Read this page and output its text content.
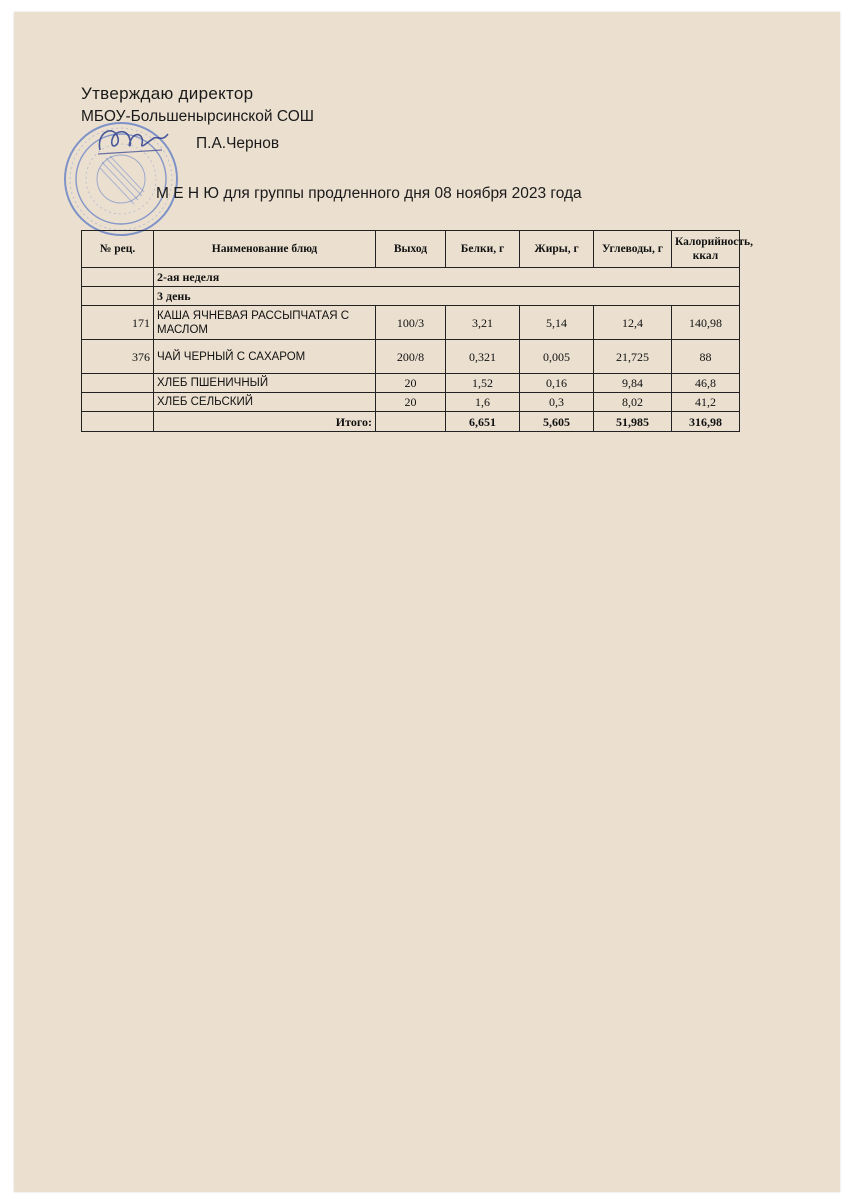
Утверждаю директор
МБОУ-Большенырсинской СОШ
П.А.Чернов
М Е Н Ю для группы продленного дня 08 ноября 2023 года
№ рец.	Наименование блюд	Выход	Белки, г	Жиры, г	Углеводы, г	Калорийность, ккал
	2-ая неделя					
	3 день					
171	КАША ЯЧНЕВАЯ РАССЫПЧАТАЯ С МАСЛОМ	100/3	3,21	5,14	12,4	140,98
376	ЧАЙ ЧЕРНЫЙ С САХАРОМ	200/8	0,321	0,005	21,725	88
	ХЛЕБ ПШЕНИЧНЫЙ	20	1,52	0,16	9,84	46,8
	ХЛЕБ СЕЛЬСКИЙ	20	1,6	0,3	8,02	41,2
	Итого:		6,651	5,605	51,985	316,98
